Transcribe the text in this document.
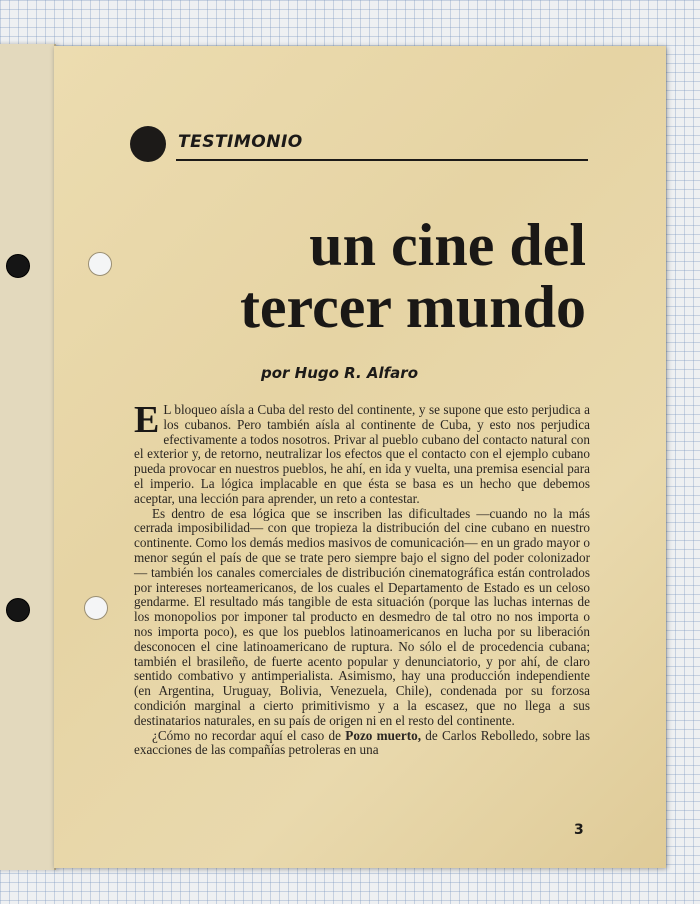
TESTIMONIO
un cine del
tercer mundo
por Hugo R. Alfaro

E L bloqueo aísla a Cuba del resto del continente, y se supone que esto perjudica a los cubanos. Pero también aísla al continente de Cuba, y esto nos perjudica efectivamente a todos nosotros. Privar al pueblo cubano del contacto natural con el exterior y, de retorno, neutralizar los efectos que el contacto con el ejemplo cubano pueda provocar en nuestros pueblos, he ahí, en ida y vuelta, una premisa esencial para el imperio. La lógica implacable en que ésta se basa es un hecho que debemos aceptar, una lección para aprender, un reto a contestar.

Es dentro de esa lógica que se inscriben las dificultades —cuando no la más cerrada imposibilidad— con que tropieza la distribución del cine cubano en nuestro continente. Como los demás medios masivos de comunicación— en un grado mayor o menor según el país de que se trate pero siempre bajo el signo del poder colonizador— también los canales comerciales de distribución cinematográfica están controlados por intereses norteamericanos, de los cuales el Departamento de Estado es un celoso gendarme. El resultado más tangible de esta situación (porque las luchas internas de los monopolios por imponer tal producto en desmedro de tal otro no nos importa o nos importa poco), es que los pueblos latinoamericanos en lucha por su liberación desconocen el cine latinoamericano de ruptura. No sólo el de procedencia cubana; también el brasileño, de fuerte acento popular y denunciatorio, y por ahí, de claro sentido combativo y antimperialista. Asimismo, hay una producción independiente (en Argentina, Uruguay, Bolivia, Venezuela, Chile), condenada por su forzosa condición marginal a cierto primitivismo y a la escasez, que no llega a sus destinatarios naturales, en su país de origen ni en el resto del continente.

¿Cómo no recordar aquí el caso de Pozo muerto, de Carlos Rebolledo, sobre las exacciones de las compañías petroleras en una

3
